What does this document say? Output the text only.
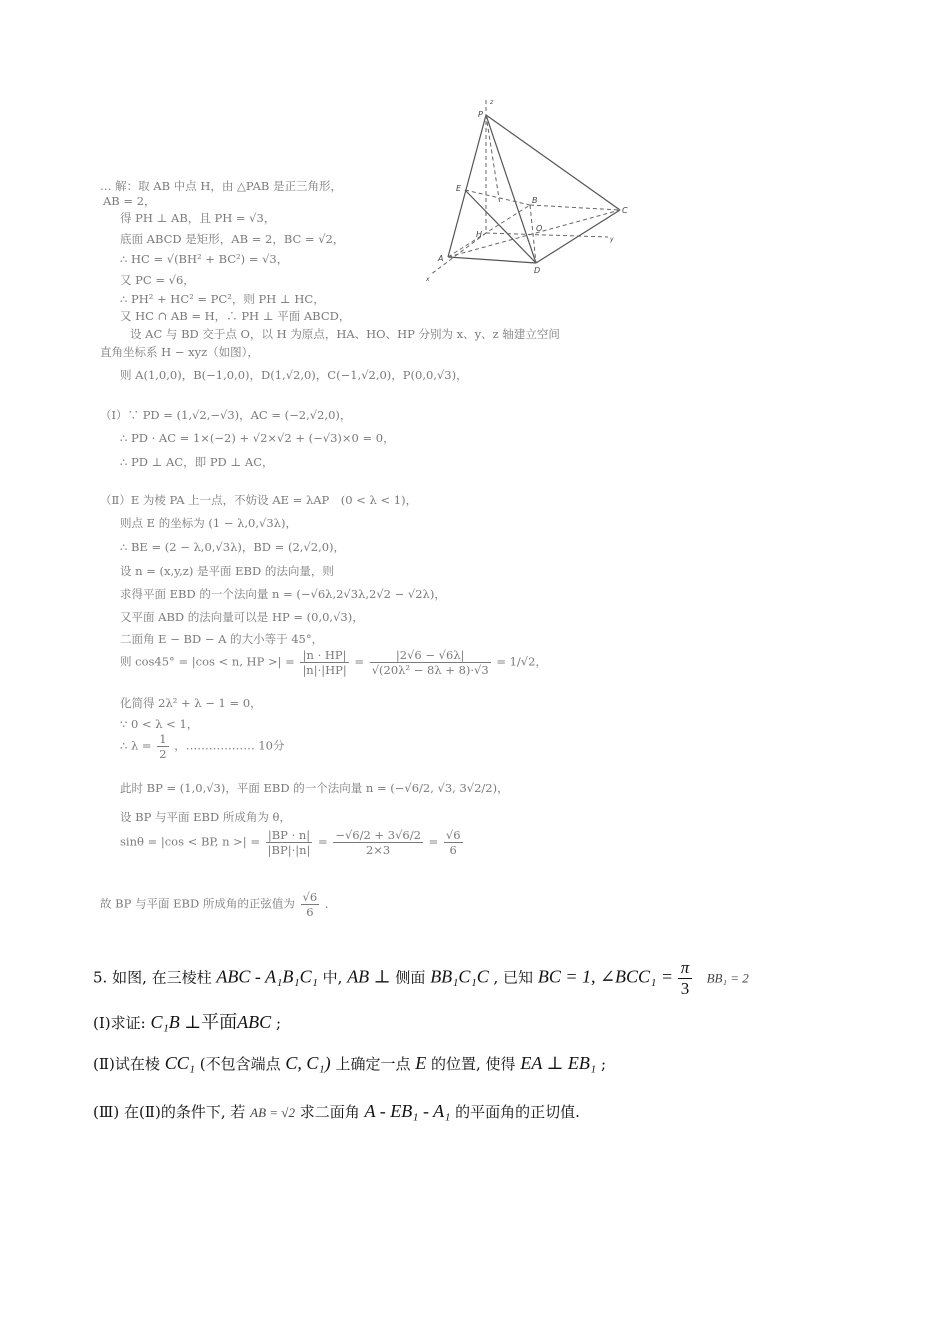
… 解：取 AB 中点 H，由 △PAB 是正三角形，
AB = 2，
得 PH ⊥ AB，且 PH = √3，
底面 ABCD 是矩形，AB = 2，BC = √2，
∴ HC = √(BH² + BC²) = √3，
又 PC = √6，
∴ PH² + HC² = PC²，则 PH ⊥ HC，
又 HC ∩ AB = H，∴ PH ⊥ 平面 ABCD，
设 AC 与 BD 交于点 O，以 H 为原点，HA、HO、HP 分别为 x、y、z 轴建立空间
直角坐标系 H − xyz（如图），
则 A(1,0,0)，B(−1,0,0)，D(1,√2,0)，C(−1,√2,0)，P(0,0,√3)，
（Ⅰ）∵ PD = (1,√2,−√3)，AC = (−2,√2,0)，
∴ PD · AC = 1×(−2) + √2×√2 + (−√3)×0 = 0，
∴ PD ⊥ AC，即 PD ⊥ AC，
（Ⅱ）E 为棱 PA 上一点，不妨设 AE = λAP　(0 < λ < 1)，
则点 E 的坐标为 (1 − λ,0,√3λ)，
∴ BE = (2 − λ,0,√3λ)，BD = (2,√2,0)，
设 n = (x,y,z) 是平面 EBD 的法向量，则
求得平面 EBD 的一个法向量 n = (−√6λ,2√3λ,2√2 − √2λ)，
又平面 ABD 的法向量可以是 HP = (0,0,√3)，
二面角 E − BD − A 的大小等于 45°，
则 cos45° = |cos < n, HP >| = $\frac{|n \cdot HP|}{|n|\cdot|HP|} = \frac{|2√6 - √6\lambda|}{\text{√(20λ² − 8λ + 8)·√3}} = 1/√2$，
化简得 2λ² + λ − 1 = 0，
∵ 0 < λ < 1，
∴ $\lambda = \frac{1}{2}$ ，……………… 10分
此时 BP = (1,0,√3)，平面 EBD 的一个法向量 n = (−√6/2, √3, 3√2/2)，
设 BP 与平面 EBD 所成角为 θ，
sinθ = |cos < BP, n >| = $\frac{|BP \cdot n|}{|BP|\cdot|n|} = \frac{-√6/2 + 3√6/2}{2\times 3} = \frac{√6}{6}$
故 BP 与平面 EBD 所成角的正弦值为 $\frac{√6}{6}$ ．
P
E
H
A
D
B
C
O
x
y
z
5. 如图, 在三棱柱 ABC - A₁B₁C₁ 中, AB ⊥ 侧面 BB₁C₁C , 已知 BC = 1, ∠BCC₁ = $\frac{\pi}{3} BB_1 = 2$
(Ⅰ)求证: C₁B ⊥平面ABC ;
(Ⅱ)试在棱 CC₁ (不包含端点 C, C₁) 上确定一点 E 的位置, 使得 EA ⊥ EB₁ ;
(Ⅲ) 在(Ⅱ)的条件下, 若 AB = √2 求二面角 A - EB₁ - A₁ 的平面角的正切值.
